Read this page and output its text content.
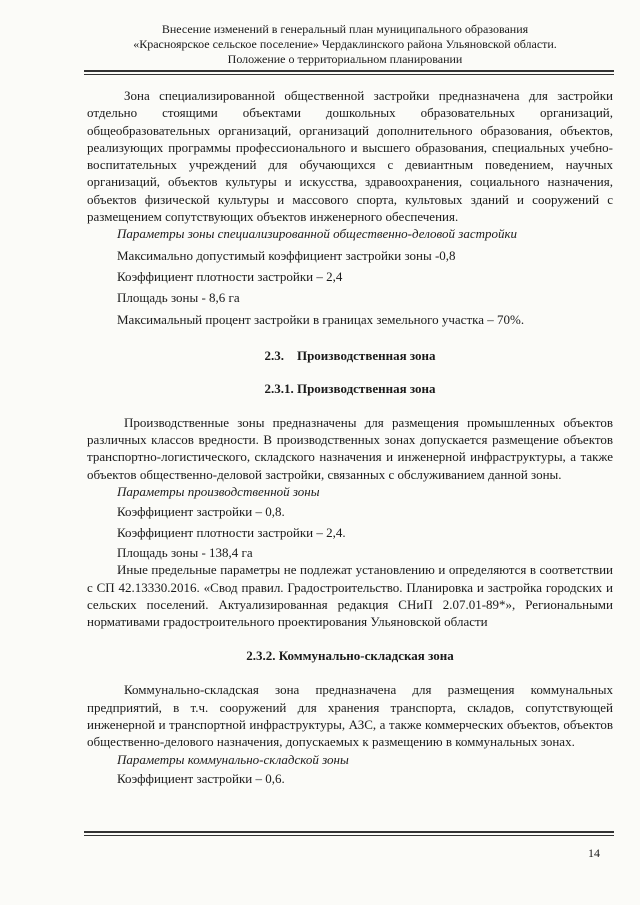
Внесение изменений в генеральный план муниципального образования
«Красноярское сельское поселение» Чердаклинского района Ульяновской области.
Положение о территориальном планировании

Зона специализированной общественной застройки предназначена для застройки отдельно стоящими объектами дошкольных образовательных организаций, общеобразовательных организаций, организаций дополнительного образования, объектов, реализующих программы профессионального и высшего образования, специальных учебно-воспитательных учреждений для обучающихся с девиантным поведением, научных организаций, объектов культуры и искусства, здравоохранения, социального назначения, объектов физической культуры и массового спорта, культовых зданий и сооружений с размещением сопутствующих объектов инженерного обеспечения.

Параметры зоны специализированной общественно-деловой застройки

Максимально допустимый коэффициент застройки зоны -0,8

Коэффициент плотности застройки – 2,4

Площадь зоны - 8,6 га

Максимальный процент застройки в границах земельного участка – 70%.

2.3.    Производственная зона
2.3.1. Производственная зона

Производственные зоны предназначены для размещения промышленных объектов различных классов вредности. В производственных зонах допускается размещение объектов транспортно-логистического, складского назначения и инженерной инфраструктуры, а также объектов общественно-деловой застройки, связанных с обслуживанием данной зоны.

Параметры производственной зоны

Коэффициент застройки – 0,8.

Коэффициент плотности застройки – 2,4.

Площадь зоны - 138,4 га

Иные предельные параметры не подлежат установлению и определяются в соответствии с СП 42.13330.2016. «Свод правил. Градостроительство. Планировка и застройка городских и сельских поселений. Актуализированная редакция СНиП 2.07.01-89*», Региональными нормативами градостроительного проектирования Ульяновской области

2.3.2. Коммунально-складская зона

Коммунально-складская зона предназначена для размещения коммунальных предприятий, в т.ч. сооружений для хранения транспорта, складов, сопутствующей инженерной и транспортной инфраструктуры, АЗС, а также коммерческих объектов, объектов общественно-делового назначения, допускаемых к размещению в коммунальных зонах.

Параметры коммунально-складской зоны

Коэффициент застройки – 0,6.

14
